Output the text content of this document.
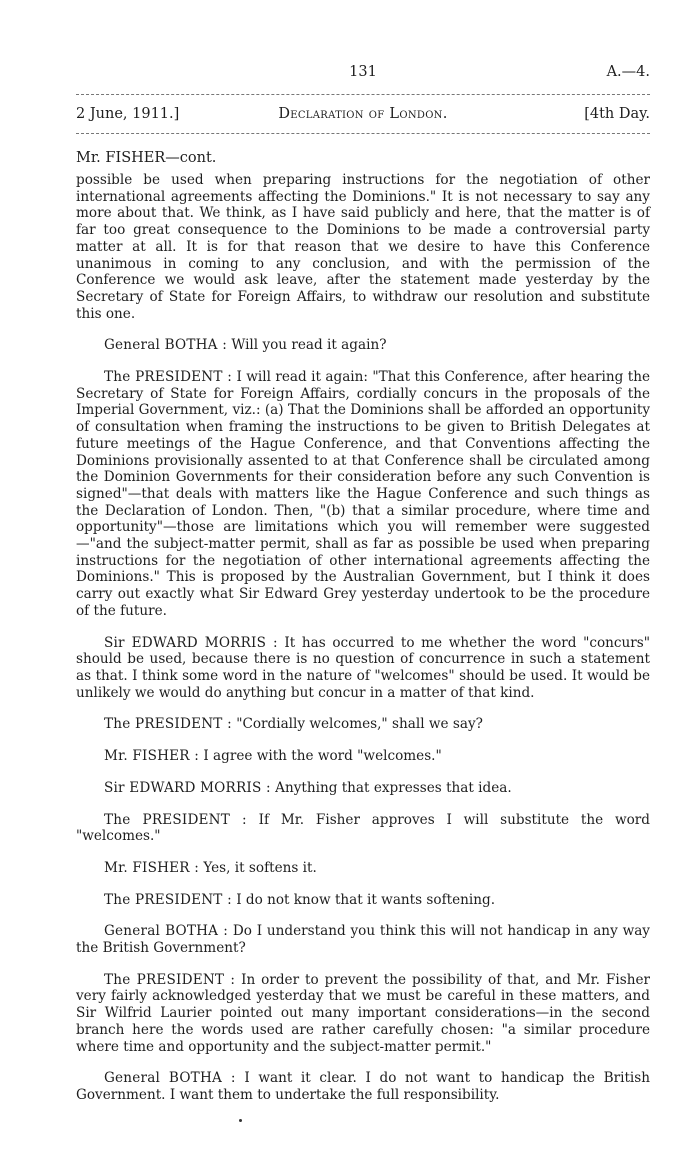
131	A.—4.
2 June, 1911.]	Declaration of London.	[4th Day.
Mr. FISHER—cont.

possible be used when preparing instructions for the negotiation of other international agreements affecting the Dominions." It is not necessary to say any more about that. We think, as I have said publicly and here, that the matter is of far too great consequence to the Dominions to be made a controversial party matter at all. It is for that reason that we desire to have this Conference unanimous in coming to any conclusion, and with the permission of the Conference we would ask leave, after the statement made yesterday by the Secretary of State for Foreign Affairs, to withdraw our resolution and substitute this one.

General BOTHA : Will you read it again?

The PRESIDENT : I will read it again: "That this Conference, after hearing the Secretary of State for Foreign Affairs, cordially concurs in the proposals of the Imperial Government, viz.: (a) That the Dominions shall be afforded an opportunity of consultation when framing the instructions to be given to British Delegates at future meetings of the Hague Conference, and that Conventions affecting the Dominions provisionally assented to at that Conference shall be circulated among the Dominion Governments for their consideration before any such Convention is signed"—that deals with matters like the Hague Conference and such things as the Declaration of London. Then, "(b) that a similar procedure, where time and opportunity"—those are limitations which you will remember were suggested—"and the subject-matter permit, shall as far as possible be used when preparing instructions for the negotiation of other international agreements affecting the Dominions." This is proposed by the Australian Government, but I think it does carry out exactly what Sir Edward Grey yesterday undertook to be the procedure of the future.

Sir EDWARD MORRIS : It has occurred to me whether the word "concurs" should be used, because there is no question of concurrence in such a statement as that. I think some word in the nature of "welcomes" should be used. It would be unlikely we would do anything but concur in a matter of that kind.

The PRESIDENT : "Cordially welcomes," shall we say?

Mr. FISHER : I agree with the word "welcomes."

Sir EDWARD MORRIS : Anything that expresses that idea.

The PRESIDENT : If Mr. Fisher approves I will substitute the word "welcomes."

Mr. FISHER : Yes, it softens it.

The PRESIDENT : I do not know that it wants softening.

General BOTHA : Do I understand you think this will not handicap in any way the British Government?

The PRESIDENT : In order to prevent the possibility of that, and Mr. Fisher very fairly acknowledged yesterday that we must be careful in these matters, and Sir Wilfrid Laurier pointed out many important considerations—in the second branch here the words used are rather carefully chosen: "a similar procedure where time and opportunity and the subject-matter permit."

General BOTHA : I want it clear. I do not want to handicap the British Government. I want them to undertake the full responsibility.
